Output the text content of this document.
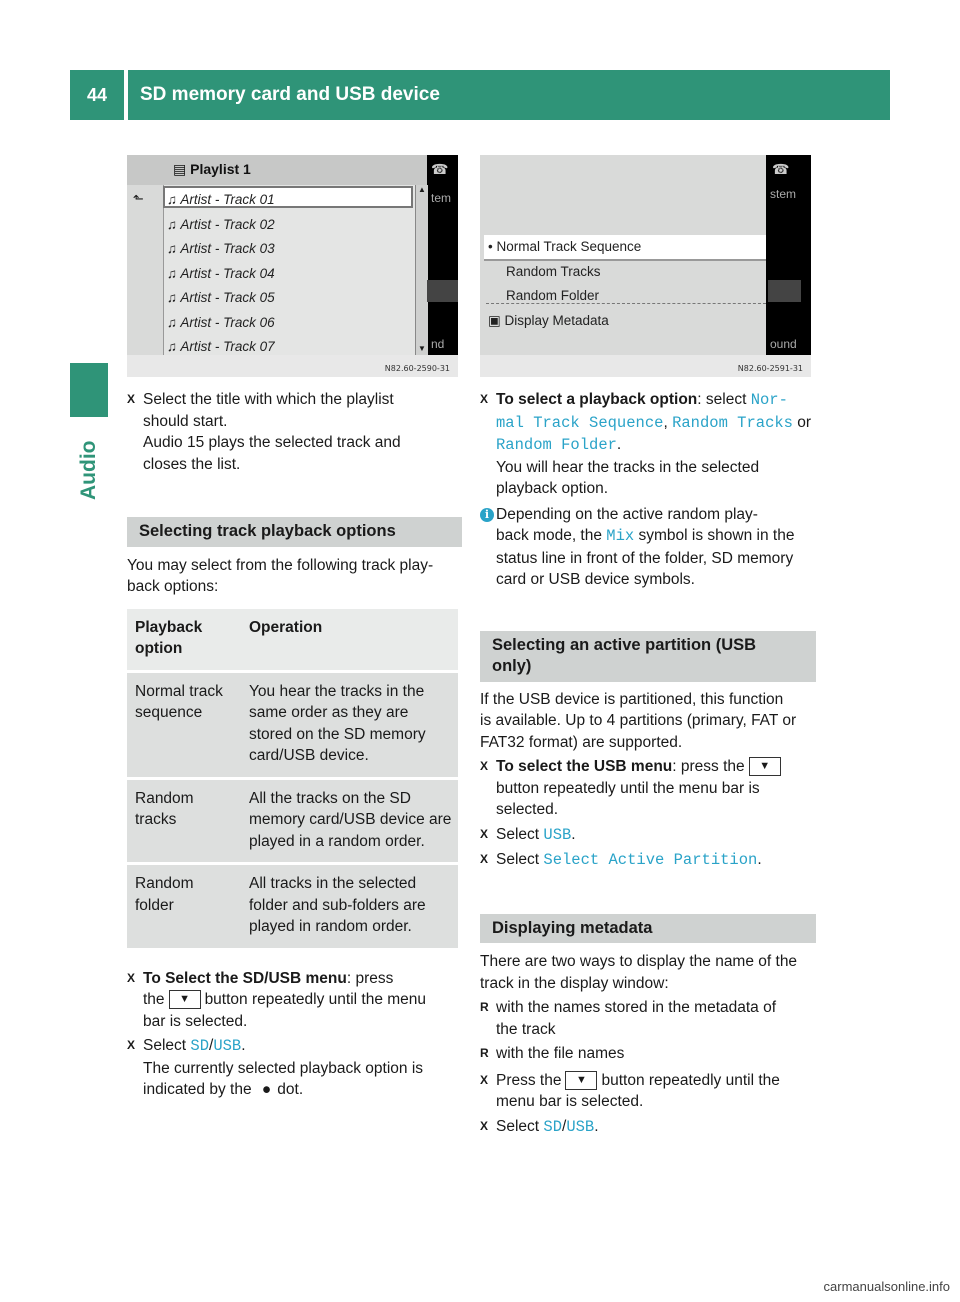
44	SD memory card and USB device
Audio
▤ Playlist 1
⬑ ♫ Artist - Track 01
♫ Artist - Track 02
♫ Artist - Track 03
♫ Artist - Track 04
♫ Artist - Track 05
♫ Artist - Track 06
♫ Artist - Track 07
▲
▼
☎
tem
nd
N82.60-2590-31
• Normal Track Sequence
Random Tracks
Random Folder
▣ Display Metadata
☎
stem
ound
N82.60-2591-31
X Select the title with which the playlist
should start.
Audio 15 plays the selected track and
closes the list.
Selecting track playback options
You may select from the following track play-
back options:
Playback option	Operation
Normal track sequence	You hear the tracks in the same order as they are stored on the SD memory card/USB device.
Random tracks	All the tracks on the SD memory card/USB device are played in a random order.
Random folder	All tracks in the selected folder and sub-folders are played in random order.
X To Select the SD/USB menu: press
the ▼ button repeatedly until the menu
bar is selected.
X Select SD/USB.
The currently selected playback option is
indicated by the ● dot.
X To select a playback option: select Nor‐
mal Track Sequence, Random Tracks or
Random Folder.
You will hear the tracks in the selected
playback option.
i Depending on the active random play-
back mode, the Mix symbol is shown in the
status line in front of the folder, SD memory
card or USB device symbols.
Selecting an active partition (USB
only)
If the USB device is partitioned, this function
is available. Up to 4 partitions (primary, FAT or
FAT32 format) are supported.
X To select the USB menu: press the ▼
button repeatedly until the menu bar is
selected.
X Select USB.
X Select Select Active Partition.
Displaying metadata
There are two ways to display the name of the
track in the display window:
R with the names stored in the metadata of
the track
R with the file names
X Press the ▼ button repeatedly until the
menu bar is selected.
X Select SD/USB.
carmanualsonline.info
